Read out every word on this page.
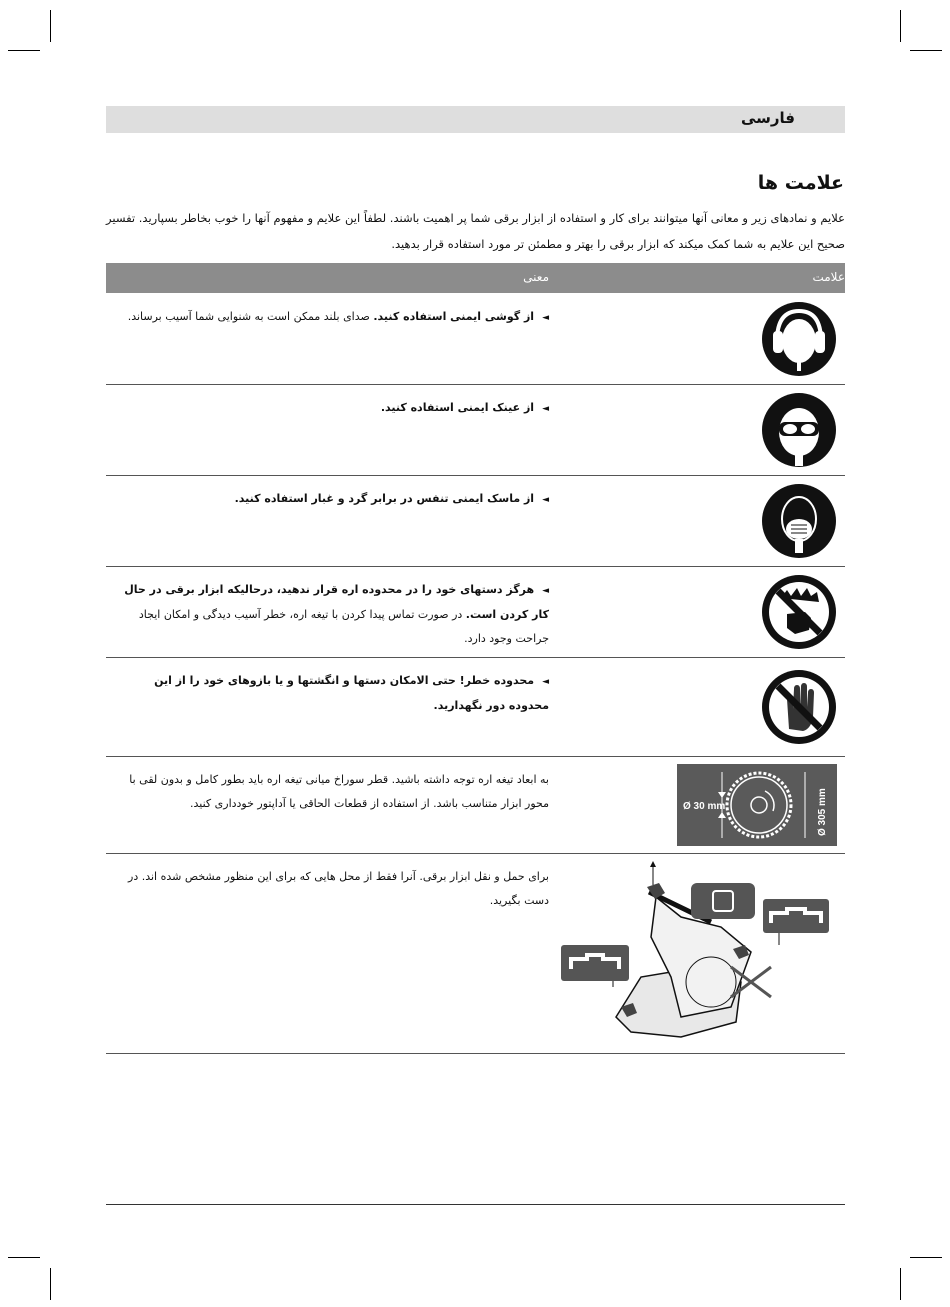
فارسی
علامت ها
علایم و نمادهای زیر و معانی آنها میتوانند برای کار و استفاده از ابزار برقی شما پر اهمیت باشند. لطفاً این علایم و مفهوم آنها را خوب بخاطر بسپارید. تفسیر صحیح این علایم به شما کمک میکند که ابزار برقی را بهتر و مطمئن تر مورد استفاده قرار بدهید.
علامت
معنی
◄از گوشی ایمنی استفاده کنید. صدای بلند ممکن است به شنوایی شما آسیب برساند.
◄از عینک ایمنی استفاده کنید.
◄از ماسک ایمنی تنفس در برابر گرد و غبار استفاده کنید.
◄هرگز دستهای خود را در محدوده اره قرار ندهید، درحالیکه ابزار برقی در حال کار کردن است. در صورت تماس پیدا کردن با تیغه اره، خطر آسیب دیدگی و امکان ایجاد جراحت وجود دارد.
◄محدوده خطر! حتی الامکان دستها و انگشتها و یا بازوهای خود را از این محدوده دور نگهدارید.
Ø 30 mm	Ø 305 mm
به ابعاد تیغه اره توجه داشته باشید. قطر سوراخ میانی تیغه اره باید بطور کامل و بدون لقی با محور ابزار متناسب باشد. از استفاده از قطعات الحاقی یا آداپتور خودداری کنید.
برای حمل و نقل ابزار برقی. آنرا فقط از محل هایی که برای این منظور مشخص شده اند. در دست بگیرید.
